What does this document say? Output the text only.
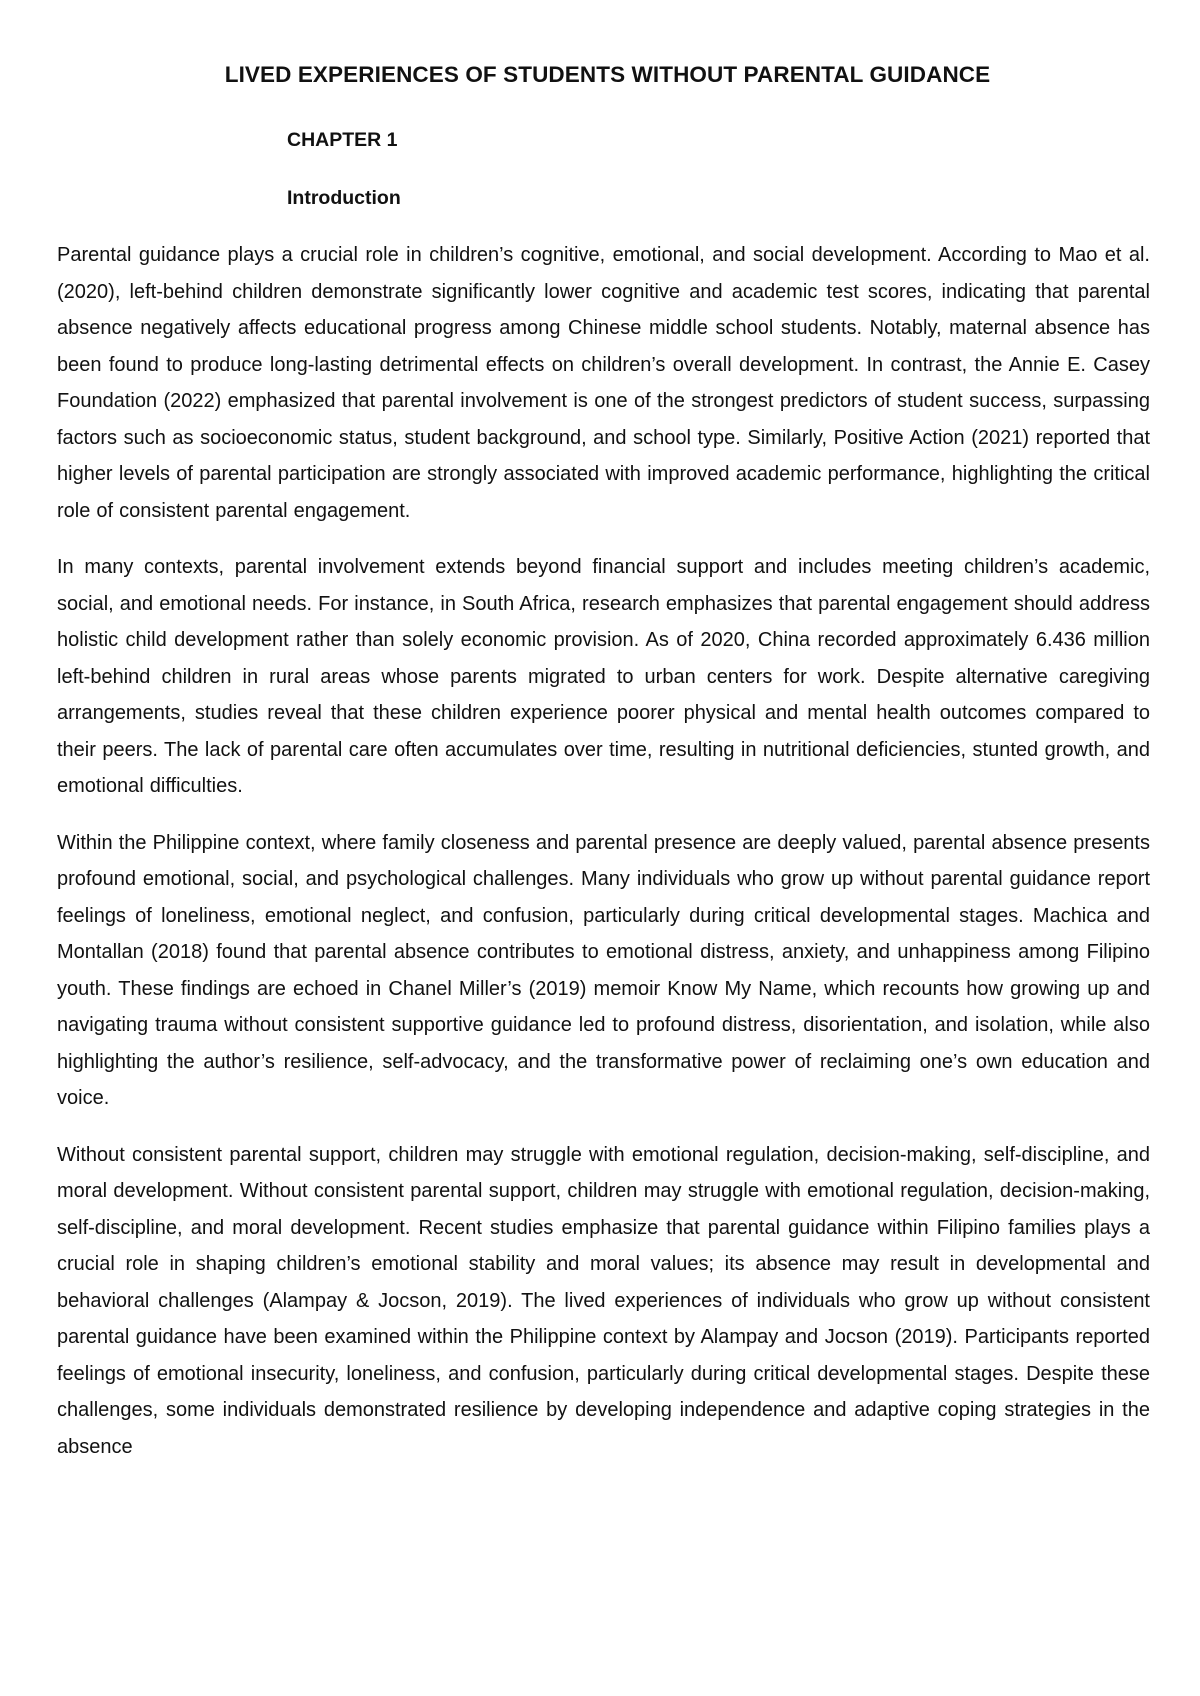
LIVED EXPERIENCES OF STUDENTS WITHOUT PARENTAL GUIDANCE
CHAPTER 1
Introduction

Parental guidance plays a crucial role in children’s cognitive, emotional, and social development. According to Mao et al. (2020), left-behind children demonstrate significantly lower cognitive and academic test scores, indicating that parental absence negatively affects educational progress among Chinese middle school students. Notably, maternal absence has been found to produce long-lasting detrimental effects on children’s overall development. In contrast, the Annie E. Casey Foundation (2022) emphasized that parental involvement is one of the strongest predictors of student success, surpassing factors such as socioeconomic status, student background, and school type. Similarly, Positive Action (2021) reported that higher levels of parental participation are strongly associated with improved academic performance, highlighting the critical role of consistent parental engagement.

In many contexts, parental involvement extends beyond financial support and includes meeting children’s academic, social, and emotional needs. For instance, in South Africa, research emphasizes that parental engagement should address holistic child development rather than solely economic provision. As of 2020, China recorded approximately 6.436 million left-behind children in rural areas whose parents migrated to urban centers for work. Despite alternative caregiving arrangements, studies reveal that these children experience poorer physical and mental health outcomes compared to their peers. The lack of parental care often accumulates over time, resulting in nutritional deficiencies, stunted growth, and emotional difficulties.

Within the Philippine context, where family closeness and parental presence are deeply valued, parental absence presents profound emotional, social, and psychological challenges. Many individuals who grow up without parental guidance report feelings of loneliness, emotional neglect, and confusion, particularly during critical developmental stages. Machica and Montallan (2018) found that parental absence contributes to emotional distress, anxiety, and unhappiness among Filipino youth. These findings are echoed in Chanel Miller’s (2019) memoir Know My Name, which recounts how growing up and navigating trauma without consistent supportive guidance led to profound distress, disorientation, and isolation, while also highlighting the author’s resilience, self-advocacy, and the transformative power of reclaiming one’s own education and voice.

Without consistent parental support, children may struggle with emotional regulation, decision-making, self-discipline, and moral development. Without consistent parental support, children may struggle with emotional regulation, decision-making, self-discipline, and moral development. Recent studies emphasize that parental guidance within Filipino families plays a crucial role in shaping children’s emotional stability and moral values; its absence may result in developmental and behavioral challenges (Alampay & Jocson, 2019). The lived experiences of individuals who grow up without consistent parental guidance have been examined within the Philippine context by Alampay and Jocson (2019). Participants reported feelings of emotional insecurity, loneliness, and confusion, particularly during critical developmental stages. Despite these challenges, some individuals demonstrated resilience by developing independence and adaptive coping strategies in the absence
